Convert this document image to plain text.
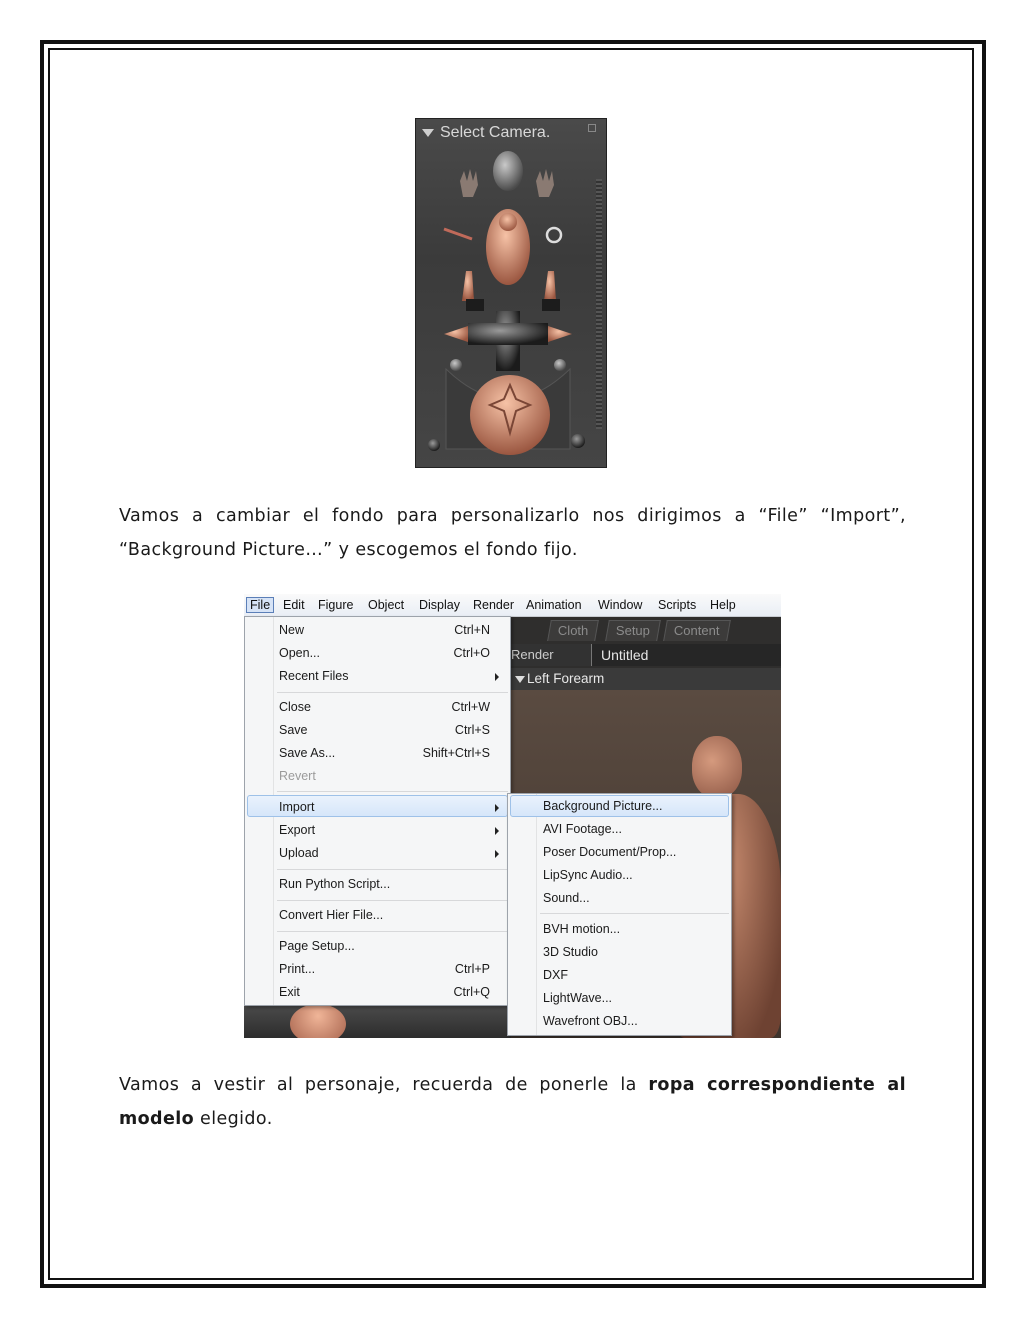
Select Camera.
Vamos a cambiar el fondo para personalizarlo nos dirigimos a “File” “Import”,
“Background Picture…” y escogemos el fondo fijo.
Cloth	Setup	Content
Render	Untitled
Left Forearm
File	Edit Figure Object Display Render Animation Window Scripts Help
New	Ctrl+N
Open...	Ctrl+O
Recent Files
Close	Ctrl+W
Save	Ctrl+S
Save As...	Shift+Ctrl+S
Revert
Import
Export
Upload
Run Python Script...
Convert Hier File...
Page Setup...
Print...	Ctrl+P
Exit	Ctrl+Q
Background Picture...
AVI Footage...
Poser Document/Prop...
LipSync Audio...
Sound...
BVH motion...
3D Studio
DXF
LightWave...
Wavefront OBJ...
Vamos a vestir al personaje, recuerda de ponerle la ropa correspondiente al
modelo elegido.
